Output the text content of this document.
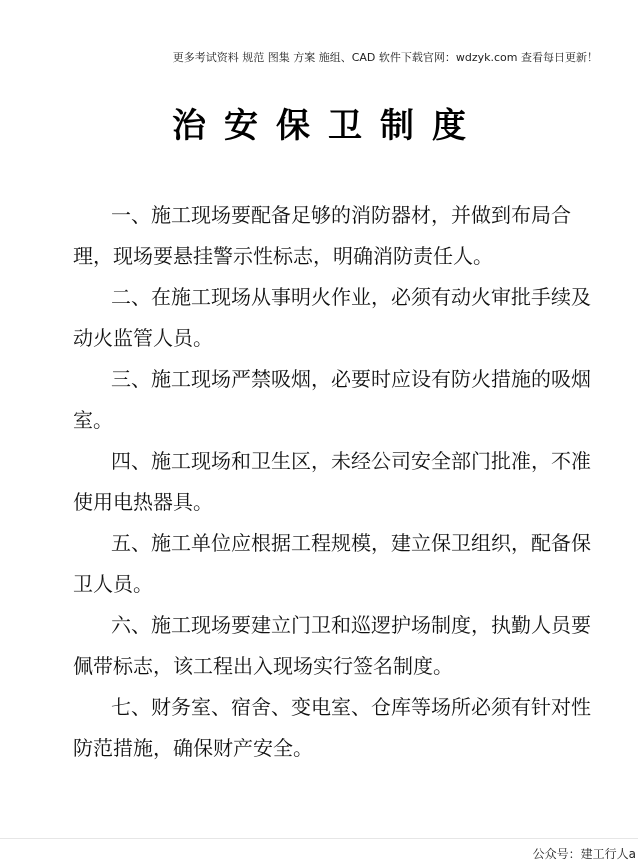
更多考试资料 规范 图集 方案 施组、CAD 软件下载官网：wdzyk.com 查看每日更新！
治安保卫制度

一、施工现场要配备足够的消防器材，并做到布局合理，现场要悬挂警示性标志，明确消防责任人。

二、在施工现场从事明火作业，必须有动火审批手续及动火监管人员。

三、施工现场严禁吸烟，必要时应设有防火措施的吸烟室。

四、施工现场和卫生区，未经公司安全部门批准，不准使用电热器具。

五、施工单位应根据工程规模，建立保卫组织，配备保卫人员。

六、施工现场要建立门卫和巡逻护场制度，执勤人员要佩带标志，该工程出入现场实行签名制度。

七、财务室、宿舍、变电室、仓库等场所必须有针对性防范措施，确保财产安全。

公众号：建工行人a
